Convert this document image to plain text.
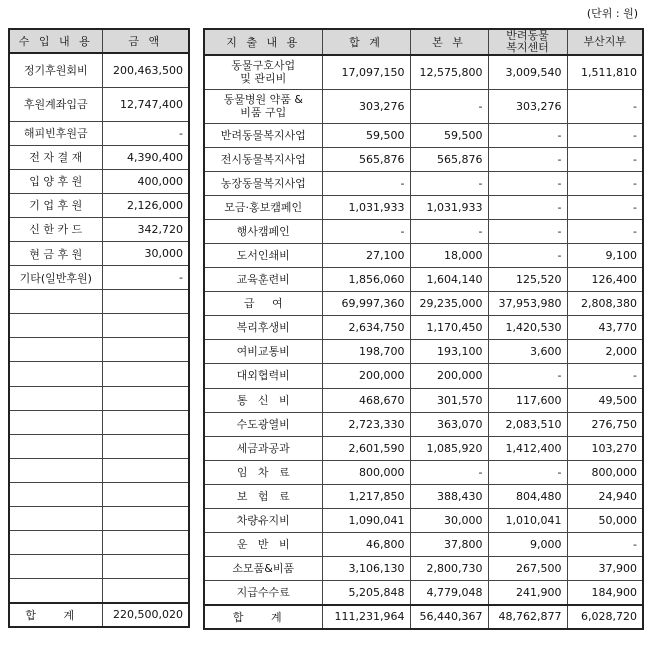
(단위 : 원)
수 입 내 용	금 액
정기후원회비	200,463,500
후원계좌입금	12,747,400
해피빈후원금	-
전 자 결 재	4,390,400
입 양 후 원	400,000
기 업 후 원	2,126,000
신 한 카 드	342,720
현 금 후 원	30,000
기타(일반후원)	-

합 계	220,500,020
지 출 내 용	합 계	본 부	반려동물
복지센터	부산지부
동물구호사업
및 관리비	17,097,150	12,575,800	3,009,540	1,511,810
동물병원 약품 &
비품 구입	303,276	-	303,276	-
반려동물복지사업	59,500	59,500	-	-
전시동물복지사업	565,876	565,876	-	-
농장동물복지사업	-	-	-	-
모금·홍보캠페인	1,031,933	1,031,933	-	-
행사캠페인	-	-	-	-
도서인쇄비	27,100	18,000	-	9,100
교육훈련비	1,856,060	1,604,140	125,520	126,400
급     여	69,997,360	29,235,000	37,953,980	2,808,380
복리후생비	2,634,750	1,170,450	1,420,530	43,770
여비교통비	198,700	193,100	3,600	2,000
대외협력비	200,000	200,000	-	-
통   신   비	468,670	301,570	117,600	49,500
수도광열비	2,723,330	363,070	2,083,510	276,750
세금과공과	2,601,590	1,085,920	1,412,400	103,270
임   차   료	800,000	-	-	800,000
보   험   료	1,217,850	388,430	804,480	24,940
차량유지비	1,090,041	30,000	1,010,041	50,000
운   반   비	46,800	37,800	9,000	-
소모품&비품	3,106,130	2,800,730	267,500	37,900
지급수수료	5,205,848	4,779,048	241,900	184,900
합 계	111,231,964	56,440,367	48,762,877	6,028,720
